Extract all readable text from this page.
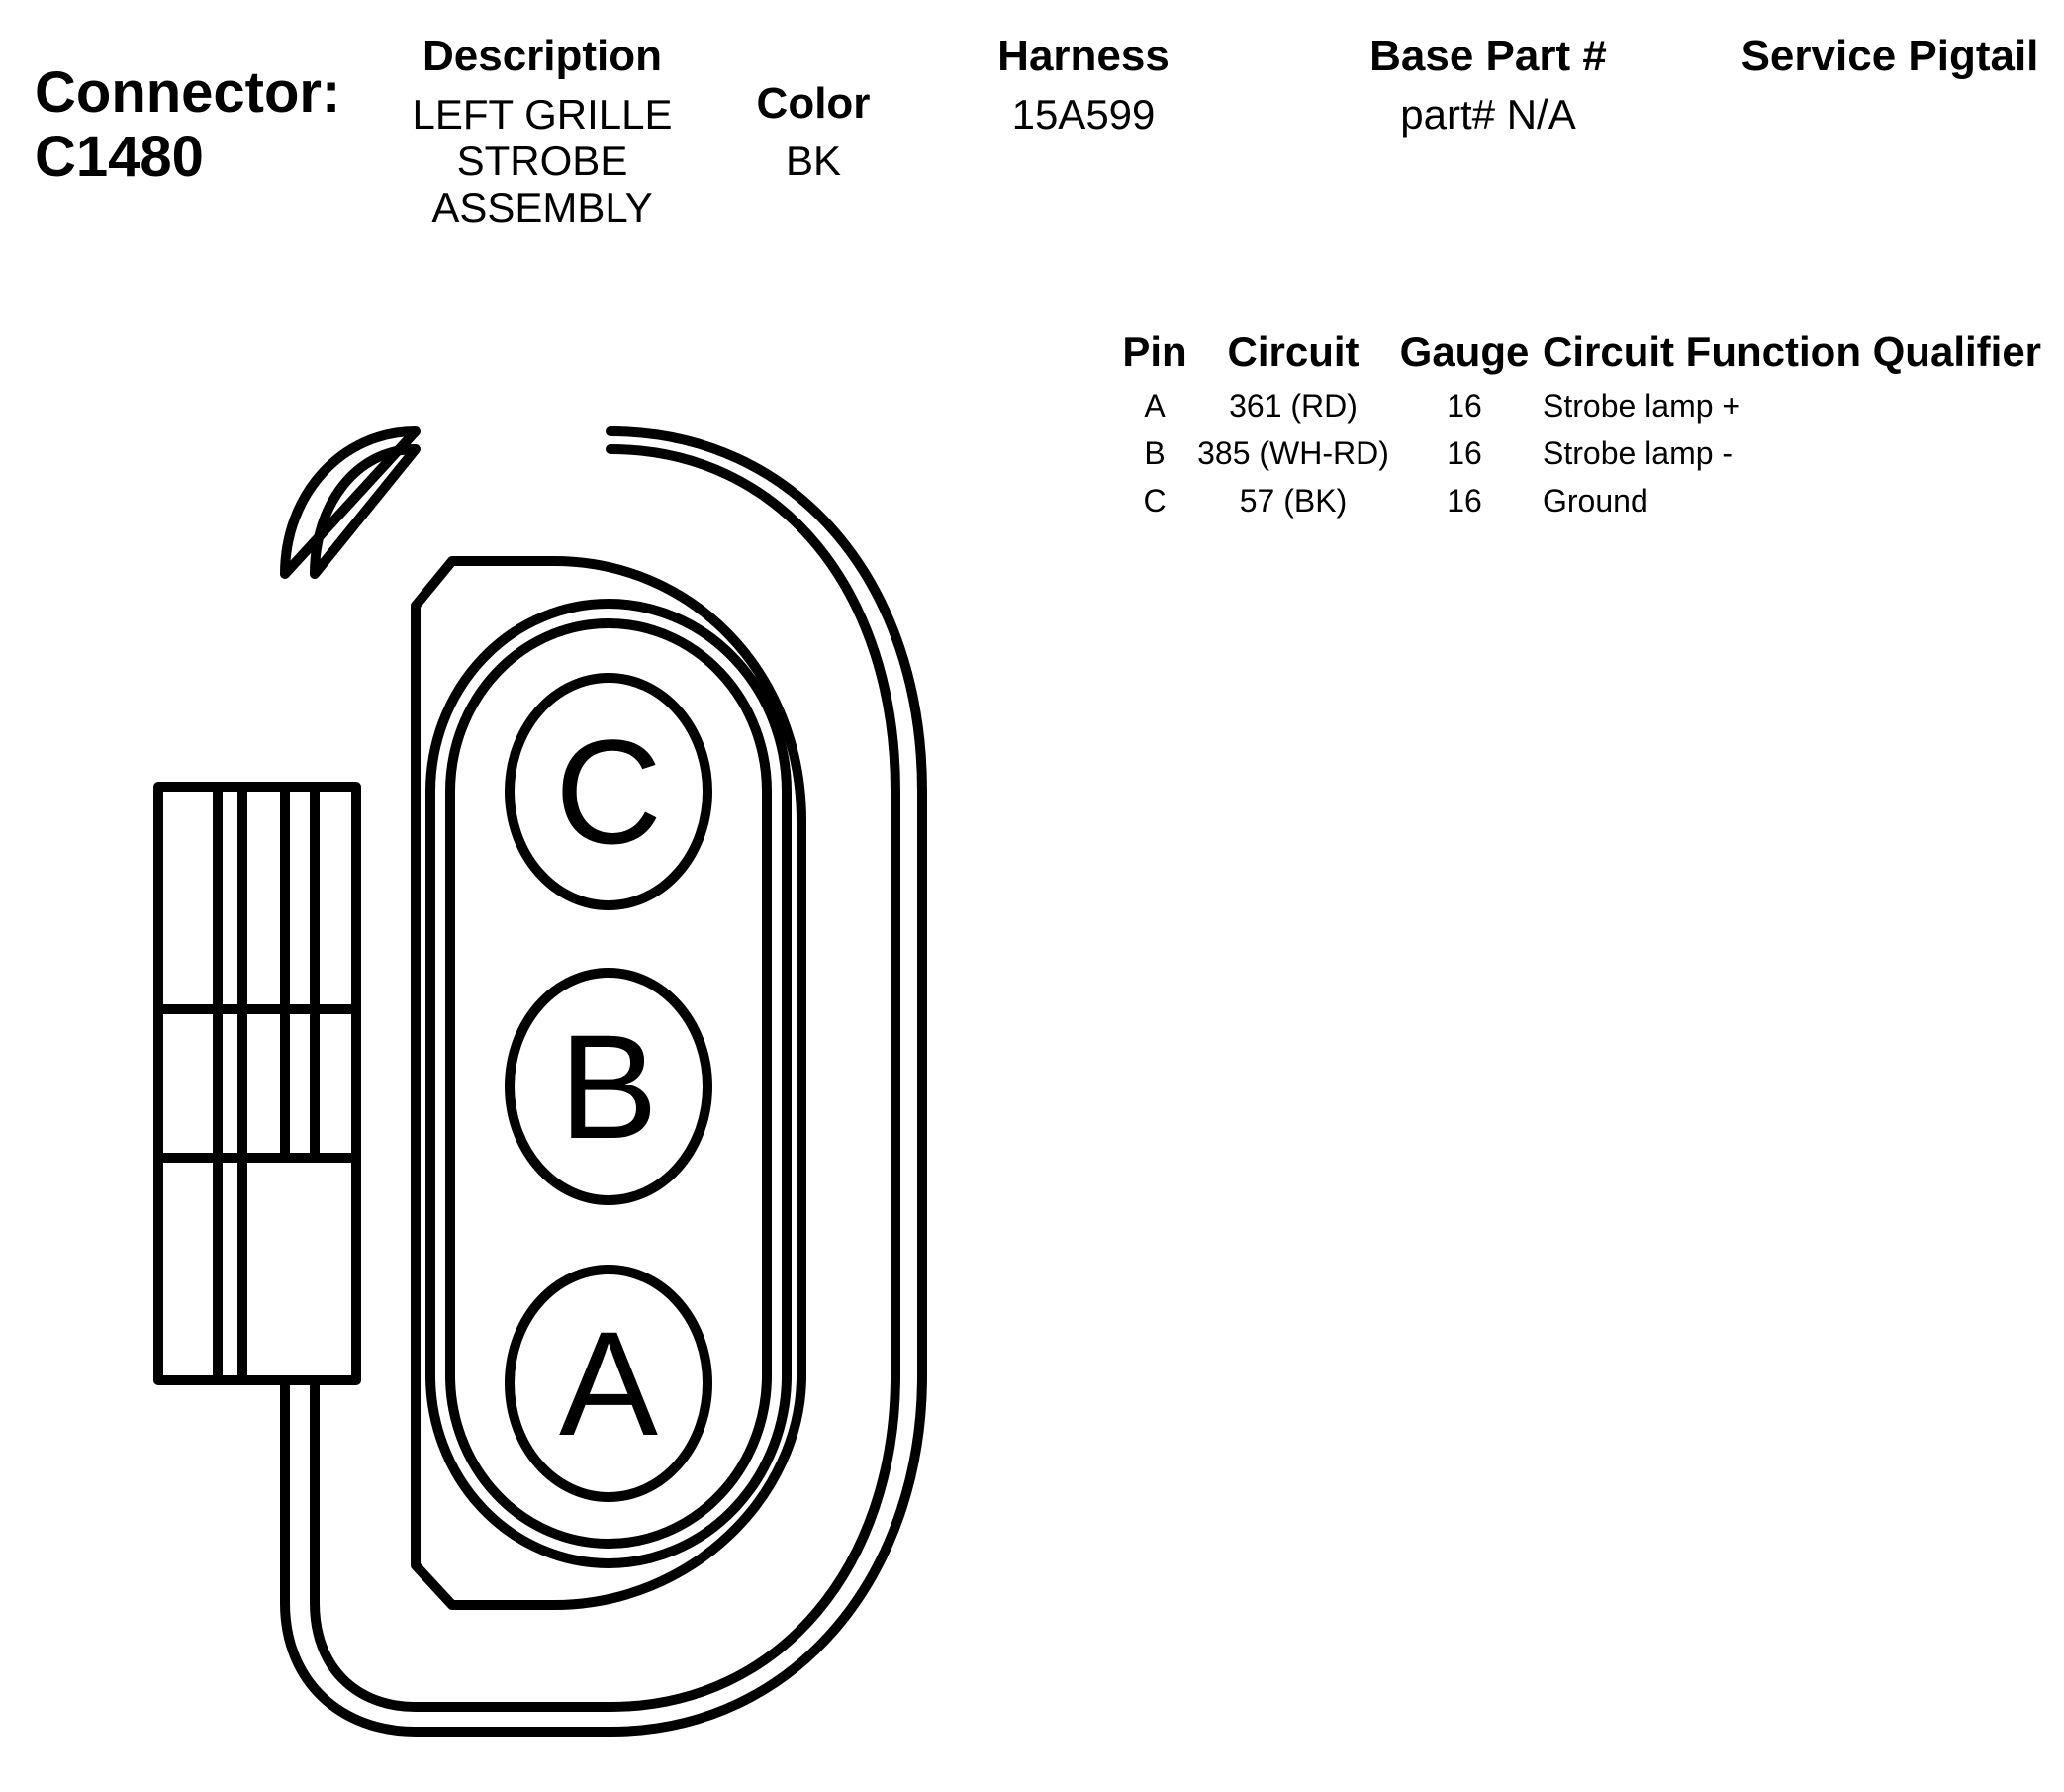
Connector:
C1480
Description
LEFT GRILLE
STROBE
ASSEMBLY
Color
BK
Harness
15A599
Base Part #
part# N/A
Service Pigtail
Pin Circuit Gauge Circuit Function Qualifier
A 361 (RD)	16 Strobe lamp +
B 385 (WH-RD) 16 Strobe lamp -
C 57 (BK)	16 Ground
C
B
A
